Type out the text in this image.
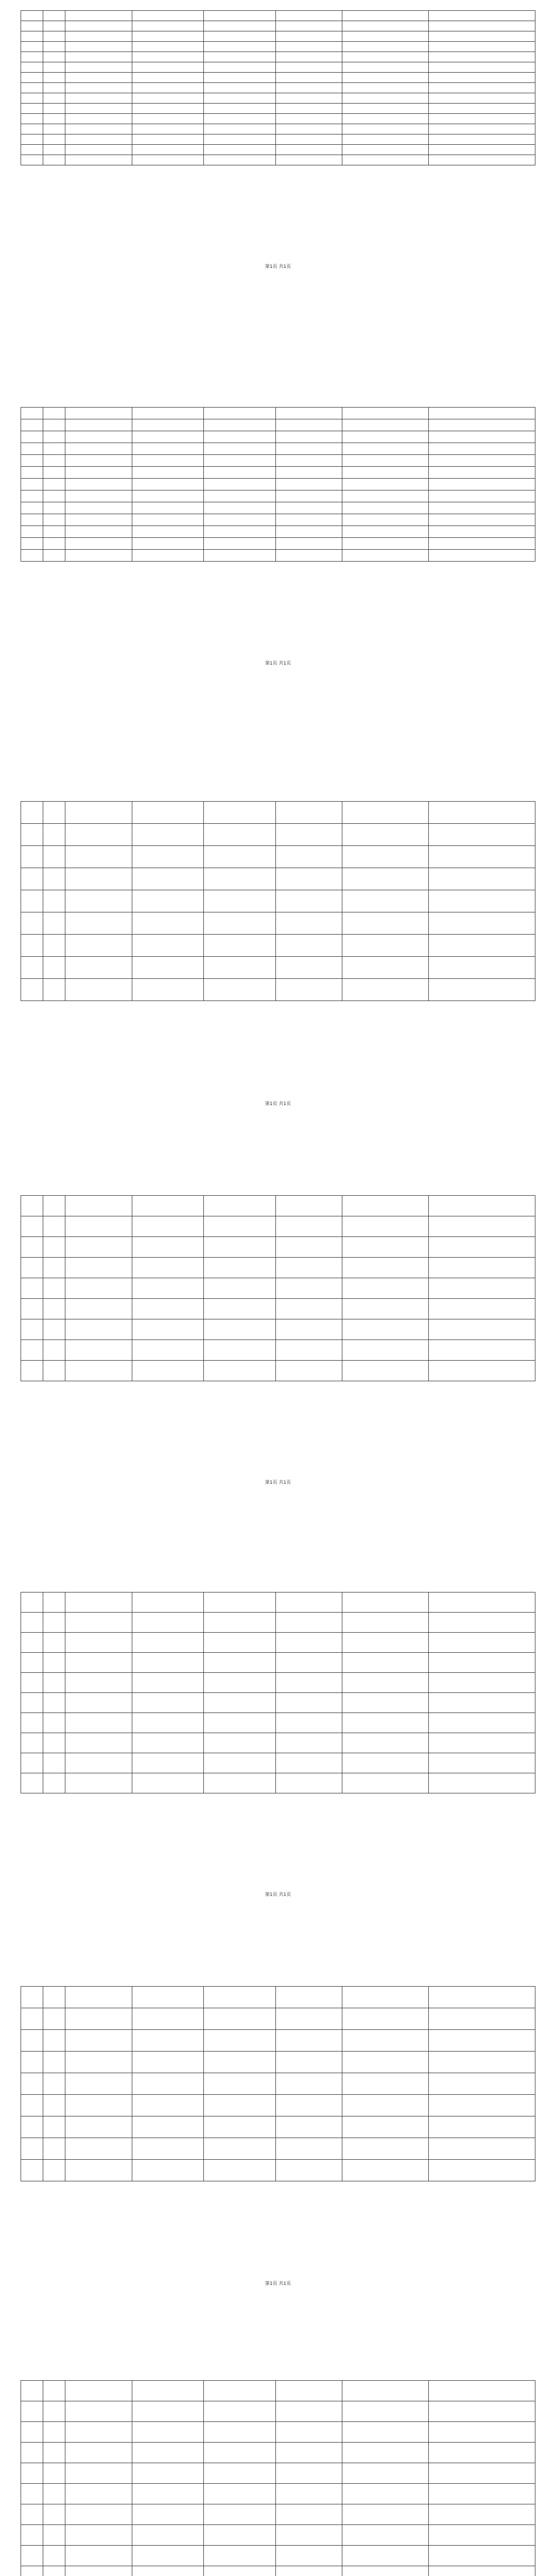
第1页 共1页

第1页 共1页

第1页 共1页

第1页 共1页

第1页 共1页

第1页 共1页
